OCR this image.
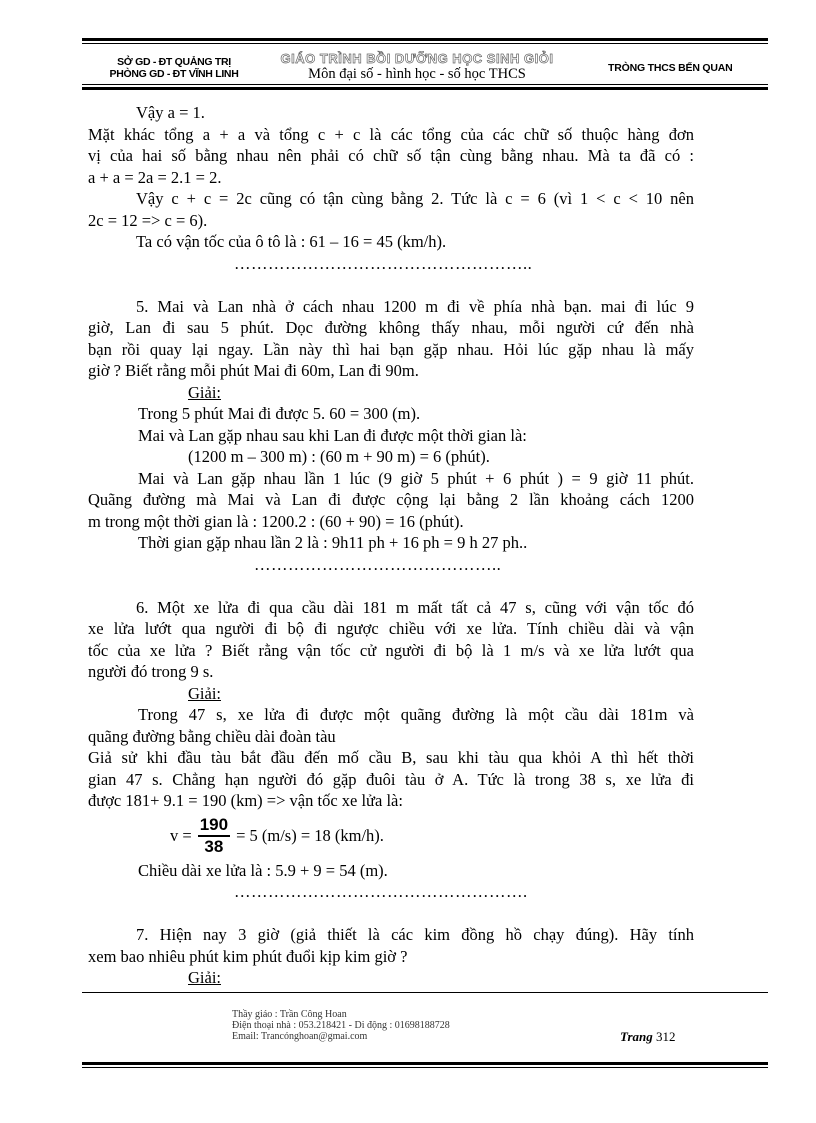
SỞ GD - ĐT QUẢNG TRỊ
PHÒNG GD - ĐT VĨNH LINH
GIÁO TRÌNH BỒI DƯỠNG HỌC SINH GIỎI
Môn đại số - hình học - số học THCS	TRÒNG THCS BẾN QUAN

Vậy a = 1.

Mặt khác tổng a + a và tổng c + c là các tổng của các chữ số thuộc hàng đơn

vị của hai số bằng nhau nên phải có chữ số tận cùng bằng nhau. Mà ta đã có :

a + a = 2a = 2.1 = 2.

Vậy c + c = 2c cũng có tận cùng bằng 2. Tức là c = 6 (vì 1 < c < 10 nên

2c = 12 => c = 6).

Ta có vận tốc của ô tô là : 61 – 16 = 45 (km/h).

……………………………………………..

5. Mai và Lan nhà ở cách nhau 1200 m đi về phía nhà bạn. mai đi lúc 9

giờ, Lan đi sau 5 phút. Dọc đường không thấy nhau, mỗi người cứ đến nhà

bạn rồi quay lại ngay. Lần này thì hai bạn gặp nhau. Hỏi lúc gặp nhau là mấy

giờ ? Biết rằng mỗi phút Mai đi 60m, Lan đi 90m.

Giải:

Trong 5 phút Mai đi được 5. 60 = 300 (m).

Mai và Lan gặp nhau sau khi Lan đi được một thời gian là:

(1200 m – 300 m) : (60 m + 90 m) = 6 (phút).

Mai và Lan gặp nhau lần 1 lúc (9 giờ 5 phút + 6 phút ) = 9 giờ 11 phút.

Quãng đường mà Mai và Lan đi được cộng lại bằng 2 lần khoảng cách 1200

m trong một thời gian là : 1200.2 : (60 + 90) = 16 (phút).

Thời gian gặp nhau lần 2 là : 9h11 ph + 16 ph = 9 h 27 ph..

……………………………………..

6. Một xe lửa đi qua cầu dài 181 m mất tất cả 47 s, cũng với vận tốc đó

xe lửa lướt qua người đi bộ đi ngược chiều với xe lửa. Tính chiều dài và vận

tốc của xe lửa ? Biết rằng vận tốc cử người đi bộ là 1 m/s và xe lửa lướt qua

người đó trong 9 s.

Giải:

Trong 47 s, xe lửa đi được một quãng đường là một cầu dài 181m và

quãng đường bằng chiều dài đoàn tàu

Giả sử khi đầu tàu bắt đầu đến mố cầu B, sau khi tàu qua khỏi A thì hết thời

gian 47 s. Chẳng hạn người đó gặp đuôi tàu ở A. Tức là trong 38 s, xe lửa đi

được 181+ 9.1 = 190 (km) => vận tốc xe lửa là:

$v = \frac{190}{38} = 5$ (m/s) = 18 (km/h).

Chiều dài xe lửa là : 5.9 + 9 = 54 (m).

…………………………………………….

7. Hiện nay 3 giờ (giả thiết là các kim đồng hồ chạy đúng). Hãy tính

xem bao nhiêu phút kim phút đuổi kịp kim giờ ?

Giải:

Thầy giáo : Trần Công Hoan
Điện thoại nhà : 053.218421 - Di động : 01698188728
Email: Trancónghoan@gmai.com	Trang 312
